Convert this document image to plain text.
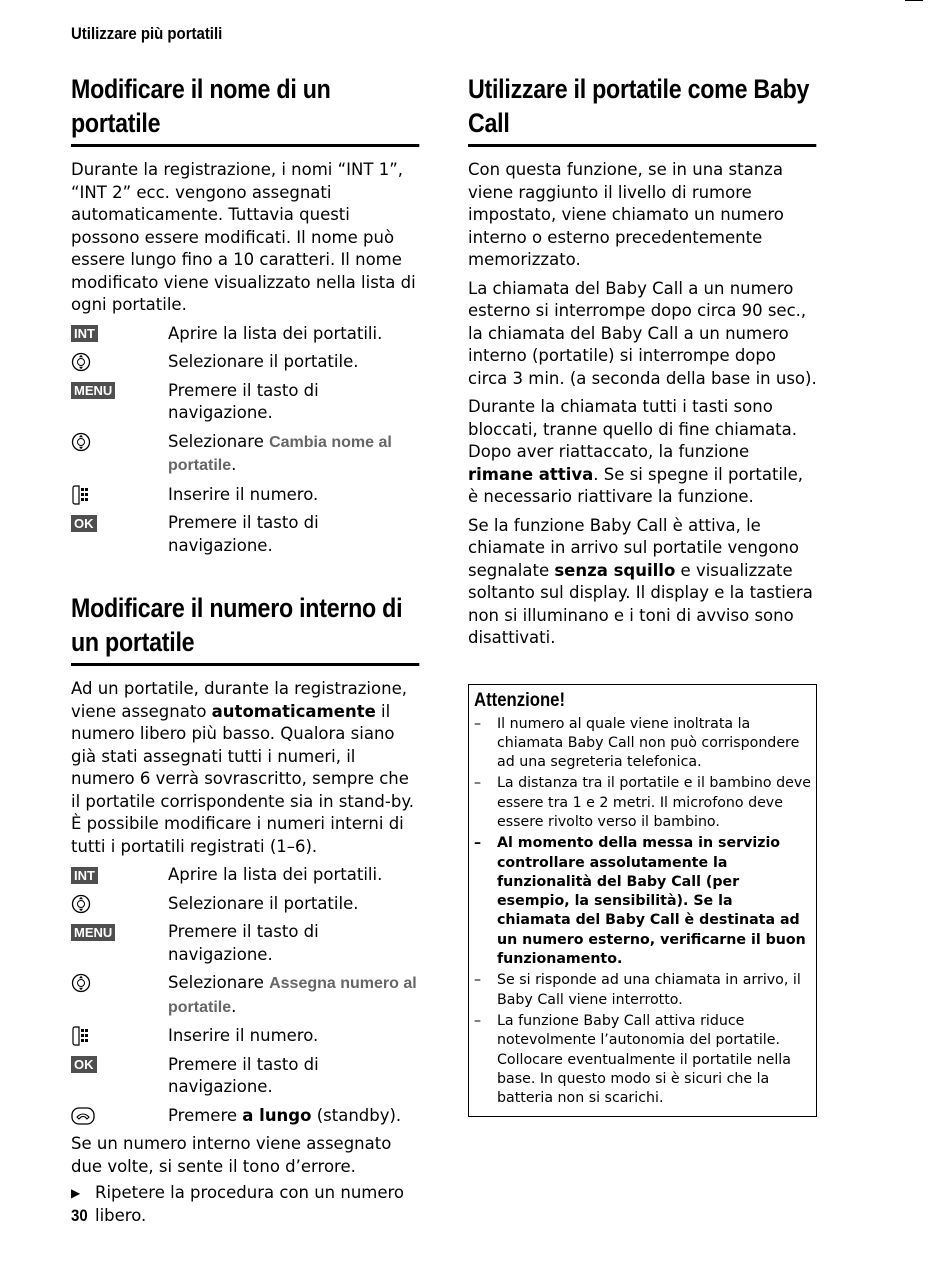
Utilizzare più portatili
Modificare il nome di un portatile

Durante la registrazione, i nomi “INT 1”, “INT 2” ecc. vengono assegnati automaticamente. Tuttavia questi possono essere modificati. Il nome può essere lungo fino a 10 caratteri. Il nome modificato viene visualizzato nella lista di ogni portatile.

INT	Aprire la lista dei portatili.
Selezionare il portatile.
MENU	Premere il tasto di navigazione.
Selezionare Cambia nome al portatile.
Inserire il numero.
OK	Premere il tasto di navigazione.
Modificare il numero interno di un portatile

Ad un portatile, durante la registrazione, viene assegnato automaticamente il numero libero più basso. Qualora siano già stati assegnati tutti i numeri, il numero 6 verrà sovrascritto, sempre che il portatile corrispondente sia in stand-by. È possibile modificare i numeri interni di tutti i portatili registrati (1–6).

INT	Aprire la lista dei portatili.
Selezionare il portatile.
MENU	Premere il tasto di navigazione.
Selezionare Assegna numero al portatile.
Inserire il numero.
OK	Premere il tasto di navigazione.
Premere a lungo (standby).

Se un numero interno viene assegnato due volte, si sente il tono d’errore.

▶ Ripetere la procedura con un numero libero.
Utilizzare il portatile come Baby Call

Con questa funzione, se in una stanza viene raggiunto il livello di rumore impostato, viene chiamato un numero interno o esterno precedentemente memorizzato.

La chiamata del Baby Call a un numero esterno si interrompe dopo circa 90 sec., la chiamata del Baby Call a un numero interno (portatile) si interrompe dopo circa 3 min. (a seconda della base in uso).

Durante la chiamata tutti i tasti sono bloccati, tranne quello di fine chiamata. Dopo aver riattaccato, la funzione rimane attiva. Se si spegne il portatile, è necessario riattivare la funzione.

Se la funzione Baby Call è attiva, le chiamate in arrivo sul portatile vengono segnalate senza squillo e visualizzate soltanto sul display. Il display e la tastiera non si illuminano e i toni di avviso sono disattivati.

Attenzione!
–	Il numero al quale viene inoltrata la chiamata Baby Call non può corrispondere ad una segreteria telefonica.
–	La distanza tra il portatile e il bambino deve essere tra 1 e 2 metri. Il microfono deve essere rivolto verso il bambino.
–	Al momento della messa in servizio controllare assolutamente la funzionalità del Baby Call (per esempio, la sensibilità). Se la chiamata del Baby Call è destinata ad un numero esterno, verificarne il buon funzionamento.
–	Se si risponde ad una chiamata in arrivo, il Baby Call viene interrotto.
–	La funzione Baby Call attiva riduce notevolmente l’autonomia del portatile. Collocare eventualmente il portatile nella base. In questo modo si è sicuri che la batteria non si scarichi.
30
